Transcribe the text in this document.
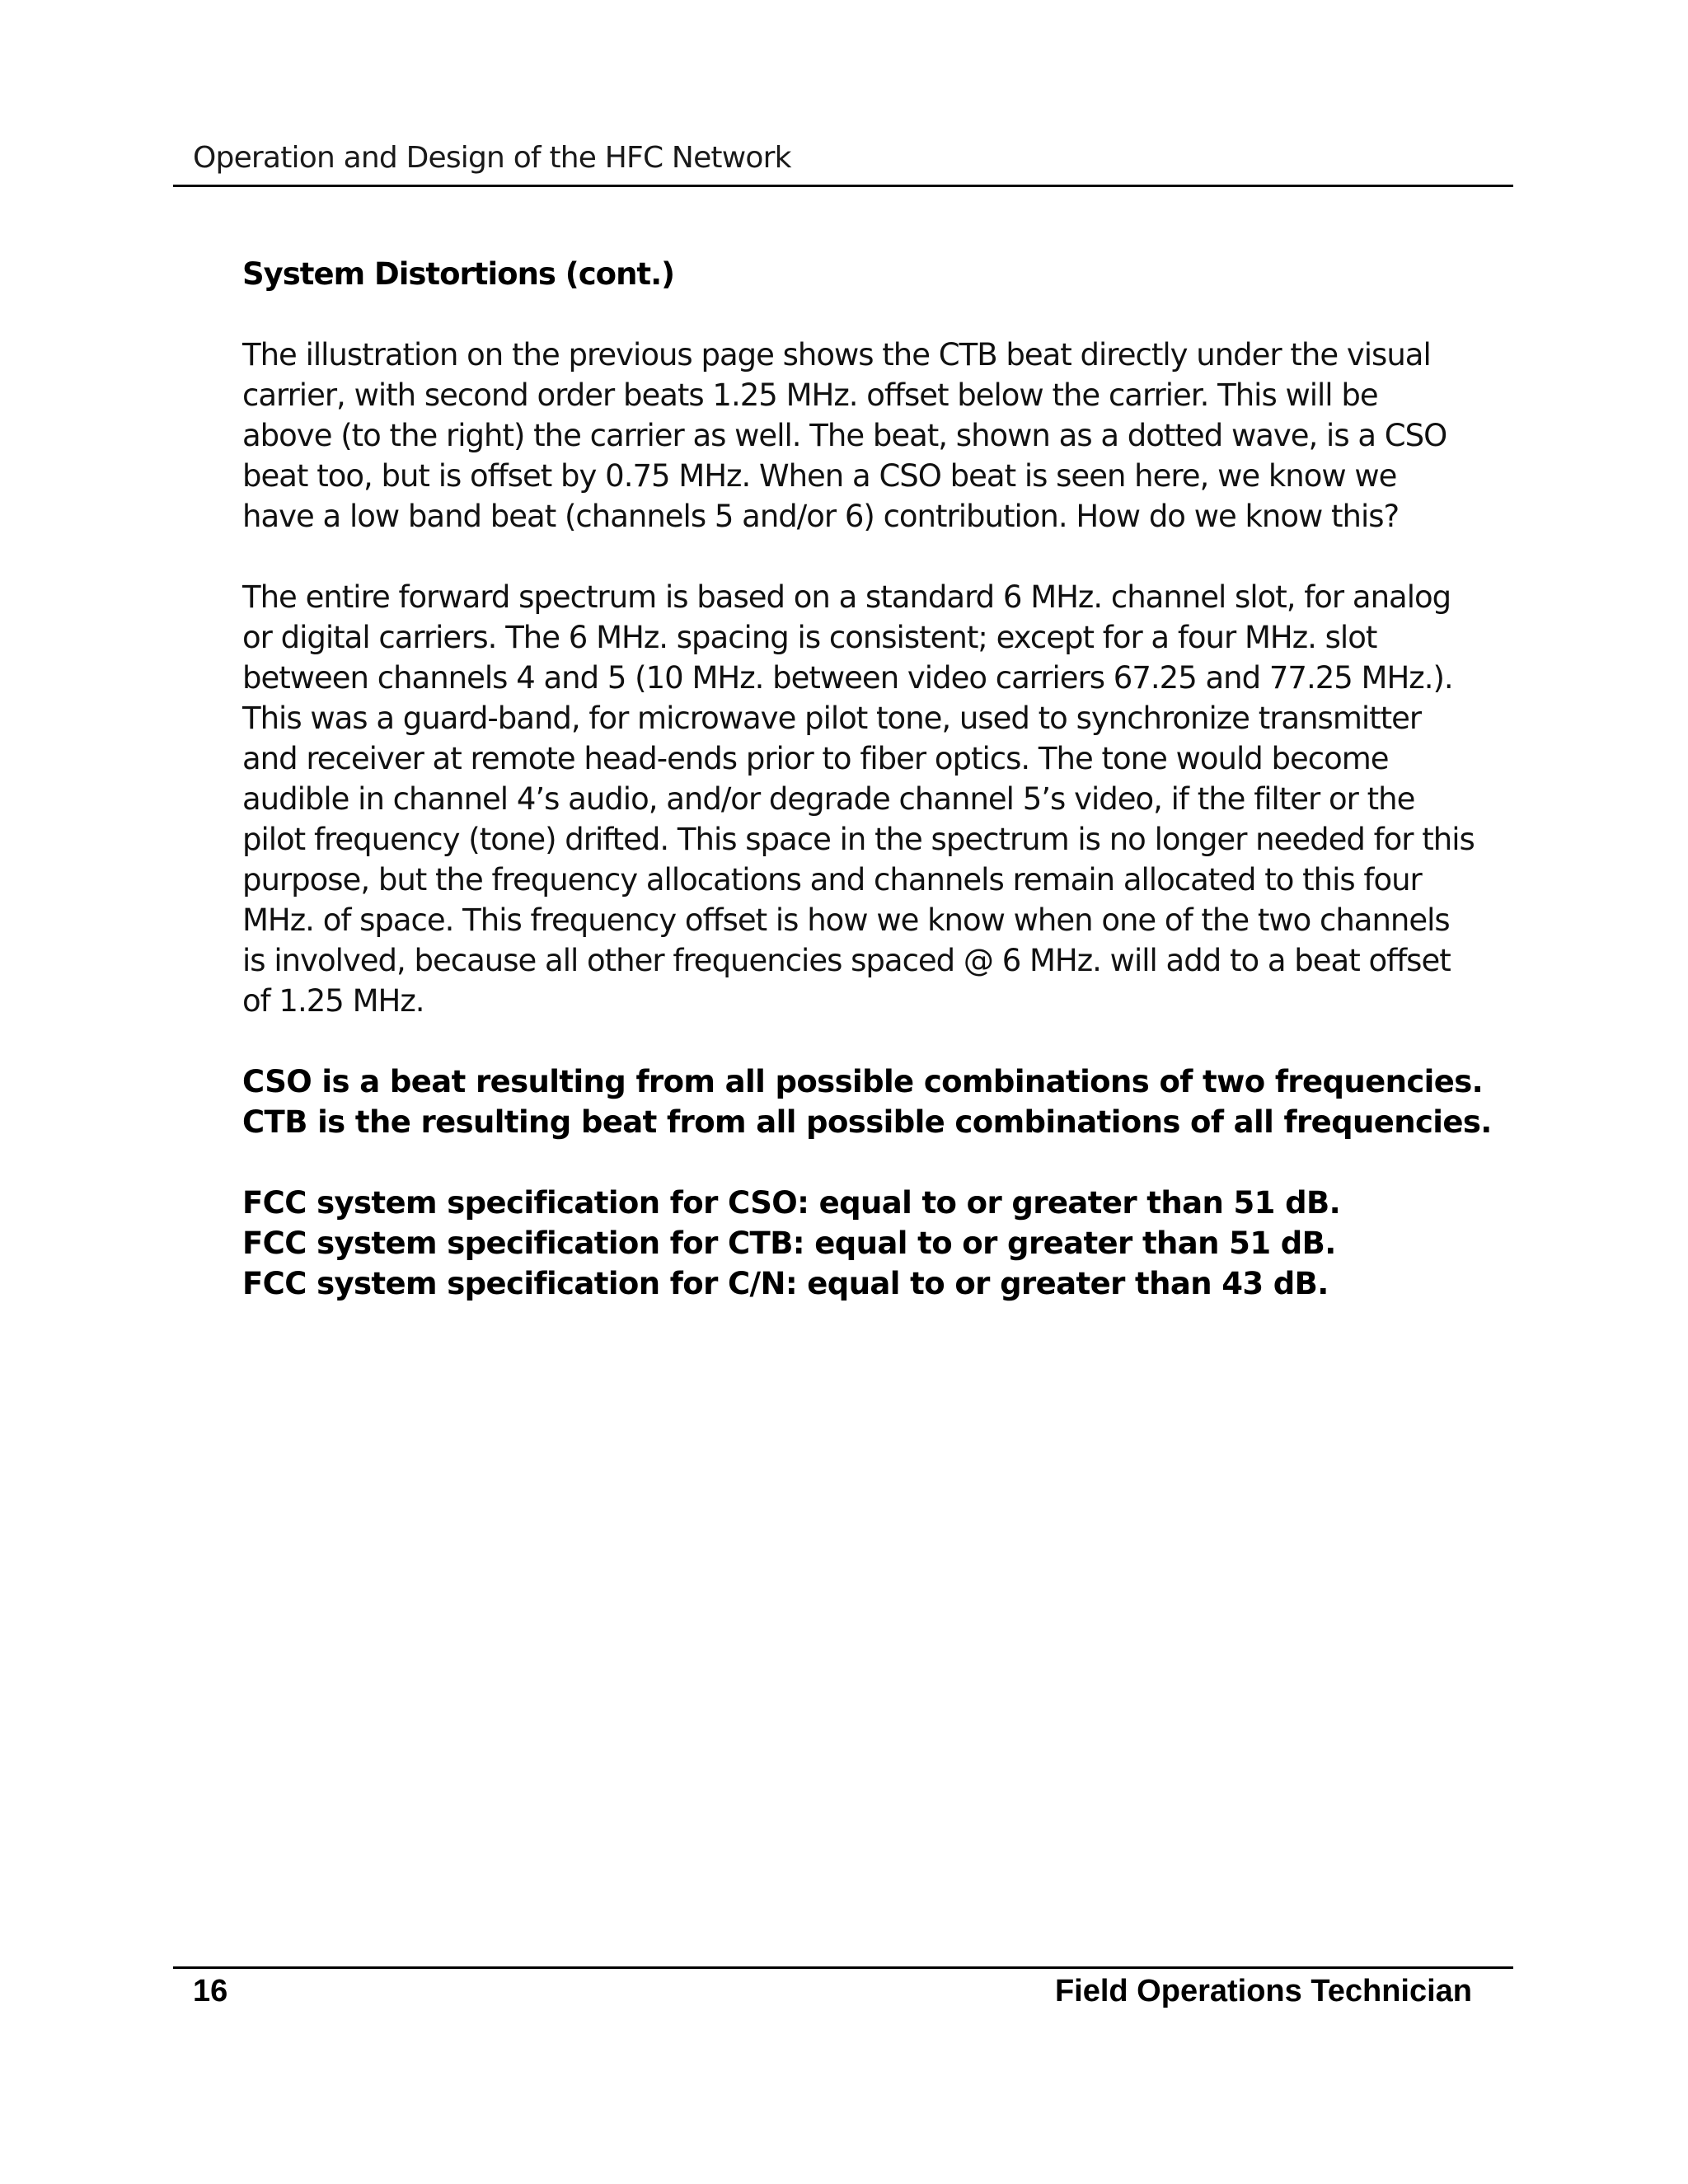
Operation and Design of the HFC Network

System Distortions (cont.)

The illustration on the previous page shows the CTB beat directly under the visual
carrier, with second order beats 1.25 MHz. offset below the carrier. This will be
above (to the right) the carrier as well. The beat, shown as a dotted wave, is a CSO
beat too, but is offset by 0.75 MHz. When a CSO beat is seen here, we know we
have a low band beat (channels 5 and/or 6) contribution. How do we know this?

The entire forward spectrum is based on a standard 6 MHz. channel slot, for analog
or digital carriers. The 6 MHz. spacing is consistent; except for a four MHz. slot
between channels 4 and 5 (10 MHz. between video carriers 67.25 and 77.25 MHz.).
This was a guard-band, for microwave pilot tone, used to synchronize transmitter
and receiver at remote head-ends prior to fiber optics. The tone would become
audible in channel 4’s audio, and/or degrade channel 5’s video, if the filter or the
pilot frequency (tone) drifted. This space in the spectrum is no longer needed for this
purpose, but the frequency allocations and channels remain allocated to this four
MHz. of space. This frequency offset is how we know when one of the two channels
is involved, because all other frequencies spaced @ 6 MHz. will add to a beat offset
of 1.25 MHz.

CSO is a beat resulting from all possible combinations of two frequencies.

CTB is the resulting beat from all possible combinations of all frequencies.

FCC system specification for CSO: equal to or greater than 51 dB.

FCC system specification for CTB: equal to or greater than 51 dB.

FCC system specification for C/N: equal to or greater than 43 dB.

16	Field Operations Technician
